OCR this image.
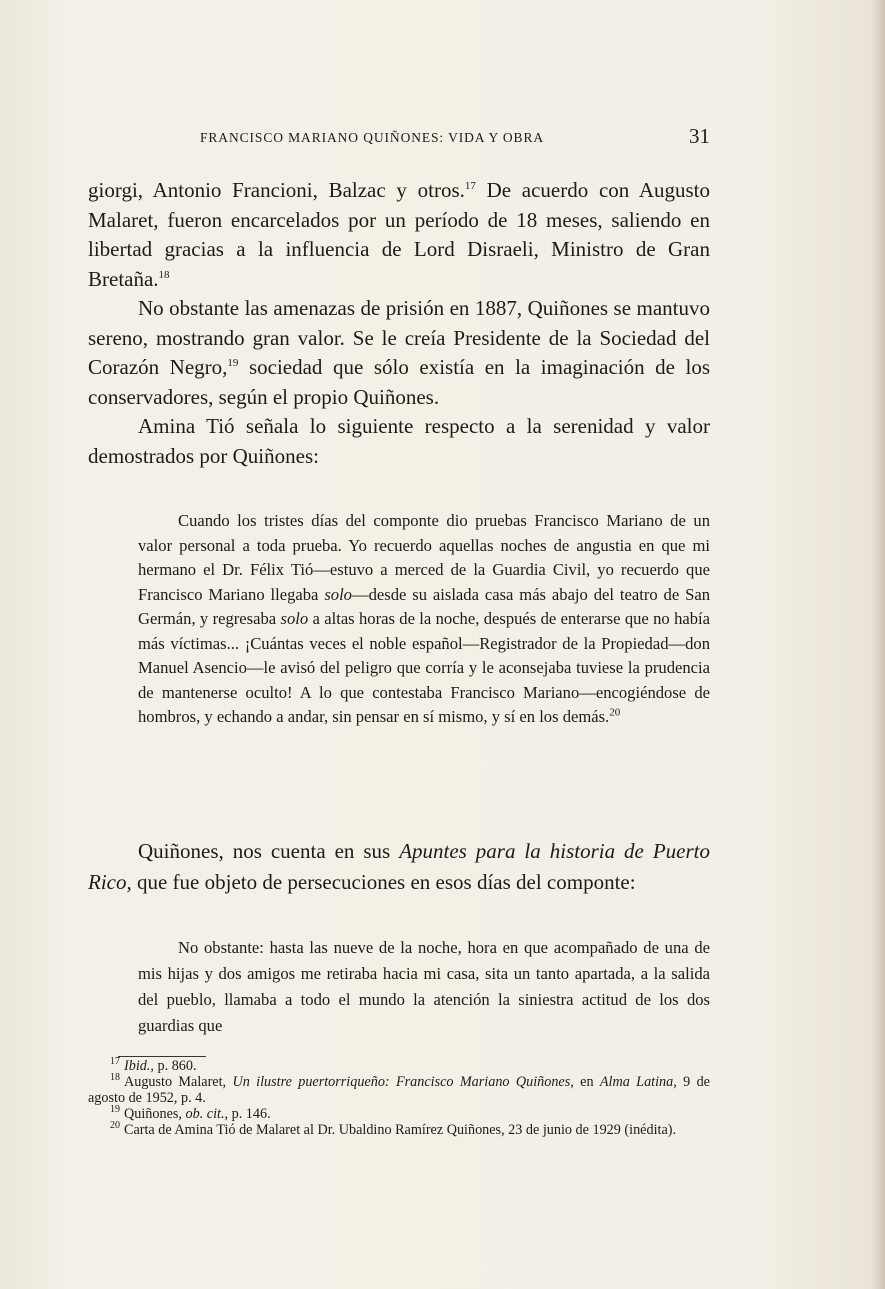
FRANCISCO MARIANO QUIÑONES: VIDA Y OBRA	31

giorgi, Antonio Francioni, Balzac y otros.$^{17}$ De acuerdo con Augusto Malaret, fueron encarcelados por un período de 18 meses, saliendo en libertad gracias a la influencia de Lord Disraeli, Ministro de Gran Bretaña.$^{18}$

No obstante las amenazas de prisión en 1887, Quiñones se mantuvo sereno, mostrando gran valor. Se le creía Presidente de la Sociedad del Corazón Negro,$^{19}$ sociedad que sólo existía en la imaginación de los conservadores, según el propio Quiñones.

Amina Tió señala lo siguiente respecto a la serenidad y valor demostrados por Quiñones:

Cuando los tristes días del componte dio pruebas Francisco Mariano de un valor personal a toda prueba. Yo recuerdo aquellas noches de angustia en que mi hermano el Dr. Félix Tió—estuvo a merced de la Guardia Civil, yo recuerdo que Francisco Mariano llegaba solo—desde su aislada casa más abajo del teatro de San Germán, y regresaba solo a altas horas de la noche, después de enterarse que no había más víctimas... ¡Cuántas veces el noble español—Registrador de la Propiedad—don Manuel Asencio—le avisó del peligro que corría y le aconsejaba tuviese la prudencia de mantenerse oculto! A lo que contestaba Francisco Mariano—encogiéndose de hombros, y echando a andar, sin pensar en sí mismo, y sí en los demás.$^{20}$

Quiñones, nos cuenta en sus Apuntes para la historia de Puerto Rico, que fue objeto de persecuciones en esos días del componte:

No obstante: hasta las nueve de la noche, hora en que acompañado de una de mis hijas y dos amigos me retiraba hacia mi casa, sita un tanto apartada, a la salida del pueblo, llamaba a todo el mundo la atención la siniestra actitud de los dos guardias que

$^{17}$ Ibid., p. 860.

$^{18}$ Augusto Malaret, Un ilustre puertorriqueño: Francisco Mariano Quiñones, en Alma Latina, 9 de agosto de 1952, p. 4.

$^{19}$ Quiñones, ob. cit., p. 146.

$^{20}$ Carta de Amina Tió de Malaret al Dr. Ubaldino Ramírez Quiñones, 23 de junio de 1929 (inédita).
